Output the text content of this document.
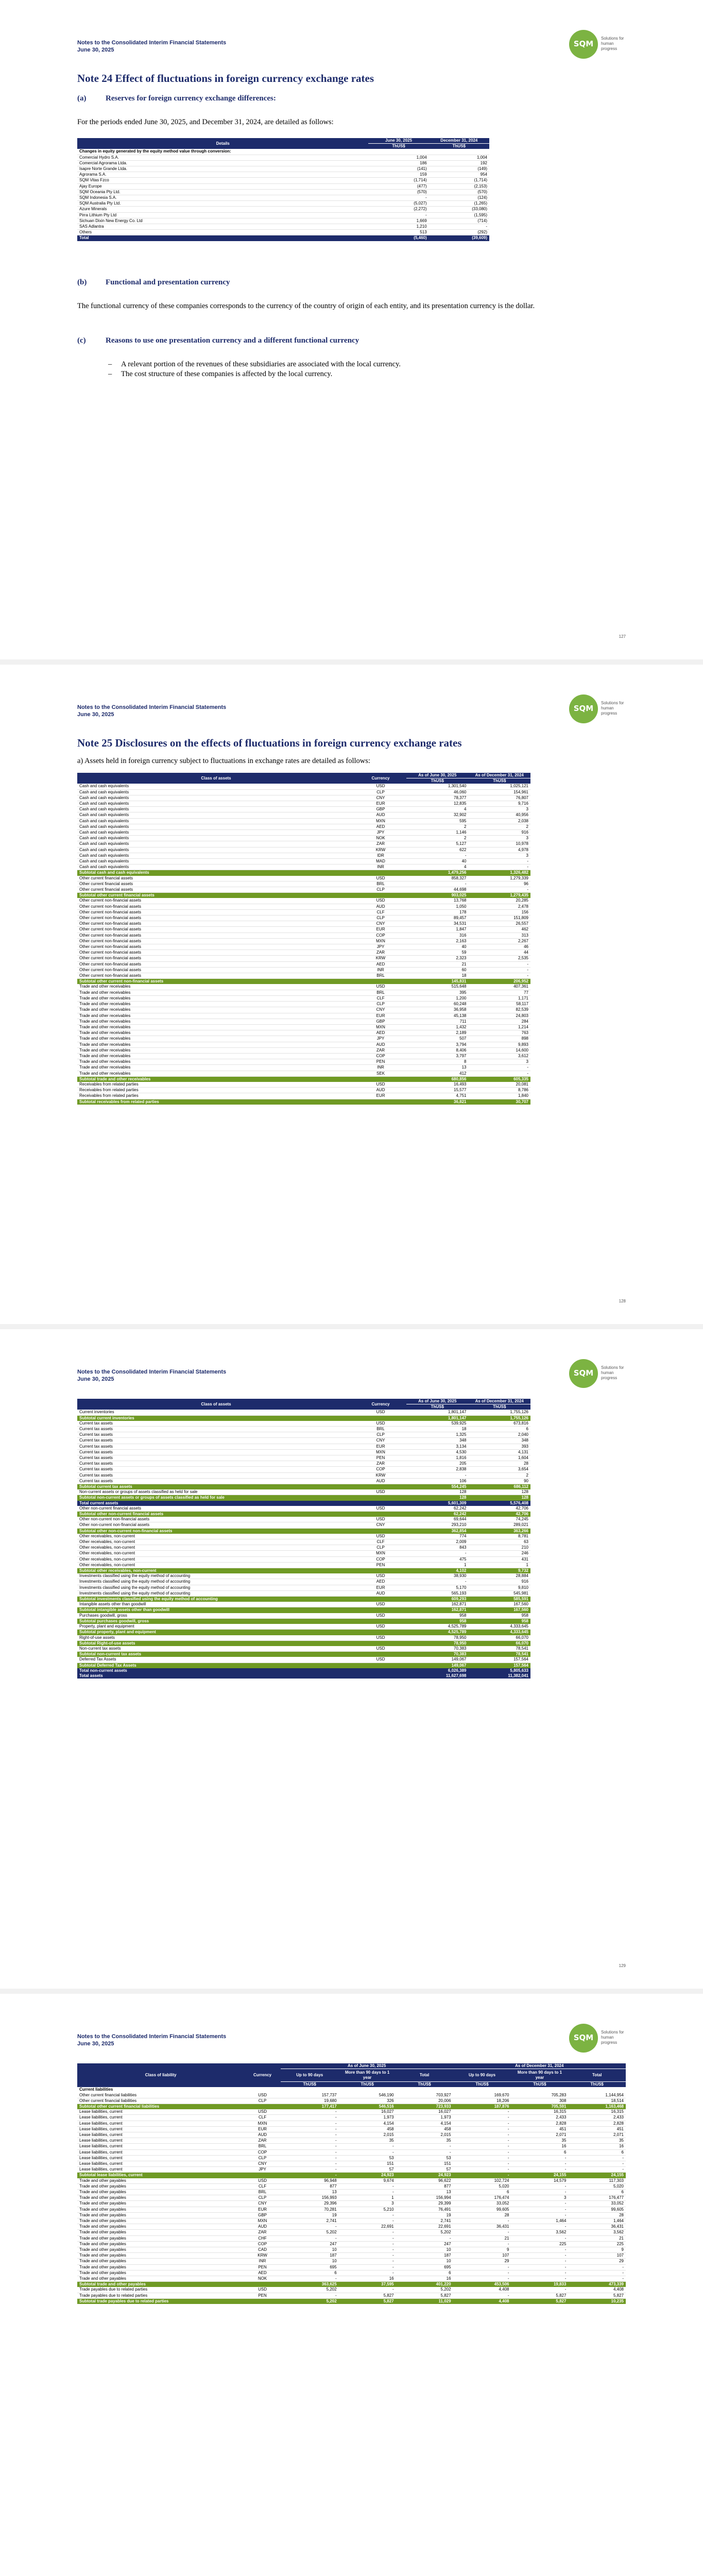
Notes to the Consolidated Interim Financial Statements
June 30, 2025
SQM
Solutions for human progress
Note 24 Effect of fluctuations in foreign currency exchange rates

(a)	Reserves for foreign currency exchange differences:

For the periods ended June 30, 2025, and December 31, 2024, are detailed as follows:

Details	June 30, 2025	December 31, 2024
	ThUS$	ThUS$
Changes in equity generated by the equity method value through conversion:		
Comercial Hydro S.A.	1,004	1,004
Comercial Agrorama Ltda.	186	192
Isapre Norte Grande Ltda.	(141)	(149)
Agrorama S.A.	159	954
SQM Vitas Fzco	(1,714)	(1,714)
Ajay Europe	(477)	(2,153)
SQM Oceania Pty Ltd.	(570)	(570)
SQM Indonesia S.A.	-	(124)
SQM Australia Pty Ltd.	(5,027)	(1,265)
Azure Minerals	(2,272)	(33,080)
Pirra Lithium Pty Ltd	-	(1,595)
Sichuan Dixin New Energy Co. Ltd	1,669	(714)
SAS Adlantra	1,210	-
Others	513	(292)
Total	(5,460)	(39,609)

(b) Functional and presentation currency

The functional currency of these companies corresponds to the currency of the country of origin of each entity, and its presentation currency is the dollar.

(c)	Reasons to use one presentation currency and a different functional currency

– A relevant portion of the revenues of these subsidiaries are associated with the local currency.

– The cost structure of these companies is affected by the local currency.

127
Notes to the Consolidated Interim Financial Statements
June 30, 2025
SQM
Solutions for human progress
Note 25 Disclosures on the effects of fluctuations in foreign currency exchange rates

a) Assets held in foreign currency subject to fluctuations in exchange rates are detailed as follows:

Class of assets	Currency	As of June 30, 2025	As of December 31, 2024
		ThUS$	ThUS$
Cash and cash equivalents	USD	1,301,540	1,025,121
Cash and cash equivalents	CLP	46,060	154,961
Cash and cash equivalents	CNY	78,377	76,807
Cash and cash equivalents	EUR	12,835	9,716
Cash and cash equivalents	GBP	4	3
Cash and cash equivalents	AUD	32,902	40,956
Cash and cash equivalents	MXN	595	2,038
Cash and cash equivalents	AED	2	2
Cash and cash equivalents	JPY	1,146	916
Cash and cash equivalents	NOK	2	3
Cash and cash equivalents	ZAR	5,127	10,978
Cash and cash equivalents	KRW	622	4,978
Cash and cash equivalents	IDR	-	3
Cash and cash equivalents	MAD	40	-
Cash and cash equivalents	INR	4	-
Subtotal cash and cash equivalents		1,479,256	1,326,482
Other current financial assets	USD	858,327	1,279,339
Other current financial assets	BRL	-	96
Other current financial assets	CLP	44,698	-
Subtotal other current financial assets		903,025	1,279,435
Other current non-financial assets	USD	13,768	20,285
Other current non-financial assets	AUD	1,050	2,478
Other current non-financial assets	CLF	178	156
Other current non-financial assets	CLP	89,457	151,809
Other current non-financial assets	CNY	34,531	26,557
Other current non-financial assets	EUR	1,847	462
Other current non-financial assets	COP	316	313
Other current non-financial assets	MXN	2,163	2,267
Other current non-financial assets	JPY	40	46
Other current non-financial assets	ZAR	59	44
Other current non-financial assets	KRW	2,323	2,535
Other current non-financial assets	AED	21	-
Other current non-financial assets	INR	60	-
Other current non-financial assets	BRL	18	-
Subtotal other current non-financial assets		145,831	206,952
Trade and other receivables	USD	515,648	407,361
Trade and other receivables	BRL	395	77
Trade and other receivables	CLF	1,200	1,171
Trade and other receivables	CLP	60,248	58,117
Trade and other receivables	CNY	36,958	82,539
Trade and other receivables	EUR	45,138	24,803
Trade and other receivables	GBP	711	284
Trade and other receivables	MXN	1,432	1,214
Trade and other receivables	AED	2,189	763
Trade and other receivables	JPY	507	898
Trade and other receivables	AUD	3,794	9,893
Trade and other receivables	ZAR	8,406	14,600
Trade and other receivables	COP	3,797	3,612
Trade and other receivables	PEN	8	3
Trade and other receivables	INR	13	-
Trade and other receivables	SEK	412	-
Subtotal trade and other receivables		680,856	605,335
Receivables from related parties	USD	16,493	20,081
Receivables from related parties	AUD	15,577	8,786
Receivables from related parties	EUR	4,751	1,840
Subtotal receivables from related parties		36,821	30,707
128
Notes to the Consolidated Interim Financial Statements
June 30, 2025
SQM
Solutions for human progress
Class of assets	Currency	As of June 30, 2025	As of December 31, 2024
		ThUS$	ThUS$
Current inventories	USD	1,801,147	1,755,126
Subtotal current inventories		1,801,147	1,755,126
Current tax assets	USD	539,925	673,816
Current tax assets	BRL	18	6
Current tax assets	CLP	1,325	2,040
Current tax assets	CNY	348	348
Current tax assets	EUR	3,134	393
Current tax assets	MXN	4,530	4,131
Current tax assets	PEN	1,816	1,604
Current tax assets	ZAR	205	28
Current tax assets	COP	2,838	3,654
Current tax assets	KRW	-	2
Current tax assets	AUD	106	90
Subtotal current tax assets		554,245	686,112
Non-current assets or groups of assets classified as held for sale	USD	128	128
Subtotal non-current assets or groups of assets classified as held for sale		128	128
Total current assets		5,601,309	5,576,408
Other non-current financial assets	USD	62,242	42,706
Subtotal other non-current financial assets		62,242	42,706
Other non-current non-financial assets	USD	69,644	74,245
Other non-current non-financial assets	CNY	293,210	289,021
Subtotal other non-current non-financial assets		362,854	363,266
Other receivables, non-current	USD	774	8,781
Other receivables, non-current	CLF	2,009	63
Other receivables, non-current	CLP	843	210
Other receivables, non-current	MXN	-	246
Other receivables, non-current	COP	475	431
Other receivables, non-current	PEN	1	1
Subtotal other receivables, non-current		4,102	9,732
Investments classified using the equity method of accounting	USD	38,930	28,884
Investments classified using the equity method of accounting	AED	-	916
Investments classified using the equity method of accounting	EUR	5,170	9,810
Investments classified using the equity method of accounting	AUD	565,193	545,981
Subtotal investments classified using the equity method of accounting		609,293	585,591
Intangible assets other than goodwill	USD	162,871	167,560
Subtotal intangible assets other than goodwill		162,871	167,560
Purchases goodwill, gross	USD	958	958
Subtotal purchases goodwill, gross		958	958
Property, plant and equipment	USD	4,525,789	4,333,645
Subtotal property, plant and equipment		4,525,789	4,333,645
Right-of-use assets	USD	78,950	66,070
Subtotal Right-of-use assets		78,950	66,070
Non-current tax assets	USD	70,383	78,541
Subtotal non-current tax assets		70,383	78,541
Deferred Tax Assets	USD	149,067	157,564
Subtotal Deferred Tax Assets		149,067	157,564
Total non-current assets		6,026,389	5,805,633
Total assets		11,627,698	11,382,041
129
Notes to the Consolidated Interim Financial Statements
June 30, 2025
SQM
Solutions for human progress
Class of liability	Currency	As of June 30, 2025			As of December 31, 2024		
		Up to 90 days	More than 90 days to 1 year	Total	Up to 90 days	More than 90 days to 1 year	Total
		ThUS$	ThUS$	ThUS$	ThUS$	ThUS$	ThUS$
Current liabilities							
Other current financial liabilities	USD	157,737	546,190	703,927	169,670	705,283	1,144,954
Other current financial liabilities	CLP	19,680	326	20,006	18,206	308	18,514
Subtotal other current financial liabilities		177,417	546,516	723,933	187,876	705,591	1,163,468
Lease liabilities, current	USD	-	16,027	16,027	-	16,315	16,315
Lease liabilities, current	CLF	-	1,973	1,973	-	2,433	2,433
Lease liabilities, current	MXN	-	4,154	4,154	-	2,828	2,828
Lease liabilities, current	EUR	-	458	458	-	451	451
Lease liabilities, current	AUD	-	2,015	2,015	-	2,071	2,071
Lease liabilities, current	ZAR	-	35	35	-	35	35
Lease liabilities, current	BRL	-	-	-	-	16	16
Lease liabilities, current	COP	-	-	-	-	6	6
Lease liabilities, current	CLP	-	53	53	-	-	-
Lease liabilities, current	CNY	-	151	151	-	-	-
Lease liabilities, current	JPY	-	57	57	-	-	-
Subtotal lease liabilities, current		-	24,923	24,923	-	24,155	24,155
Trade and other payables	USD	96,948	9,674	96,622	102,724	14,579	117,303
Trade and other payables	CLF	877	-	877	5,020	-	5,020
Trade and other payables	BRL	13	-	13	6	-	6
Trade and other payables	CLP	156,993	1	156,994	176,474	3	176,477
Trade and other payables	CNY	29,396	3	29,399	33,052	-	33,052
Trade and other payables	EUR	70,281	5,210	76,491	99,605	-	99,605
Trade and other payables	GBP	19	-	19	28	-	28
Trade and other payables	MXN	2,741	-	2,741	-	1,464	1,464
Trade and other payables	AUD	-	22,691	22,691	36,431	-	36,431
Trade and other payables	ZAR	5,202	-	5,202	-	3,562	3,562
Trade and other payables	CHF	-	-	-	21	-	21
Trade and other payables	COP	247	-	247	-	225	225
Trade and other payables	CAD	10	-	10	9	-	9
Trade and other payables	KRW	187	-	187	107	-	107
Trade and other payables	INR	10	-	10	29	-	29
Trade and other payables	PEN	695	-	695	-	-	-
Trade and other payables	AED	6	-	6	-	-	-
Trade and other payables	NOK	-	16	16	-	-	-
Subtotal trade and other payables		363,625	37,595	401,220	453,506	19,833	473,339
Trade payables due to related parties	USD	5,202	-	5,202	4,408	-	4,408
Trade payables due to related parties	PEN	-	5,827	5,827	-	5,827	5,827
Subtotal trade payables due to related parties		5,202	5,827	11,029	4,408	5,827	10,235
